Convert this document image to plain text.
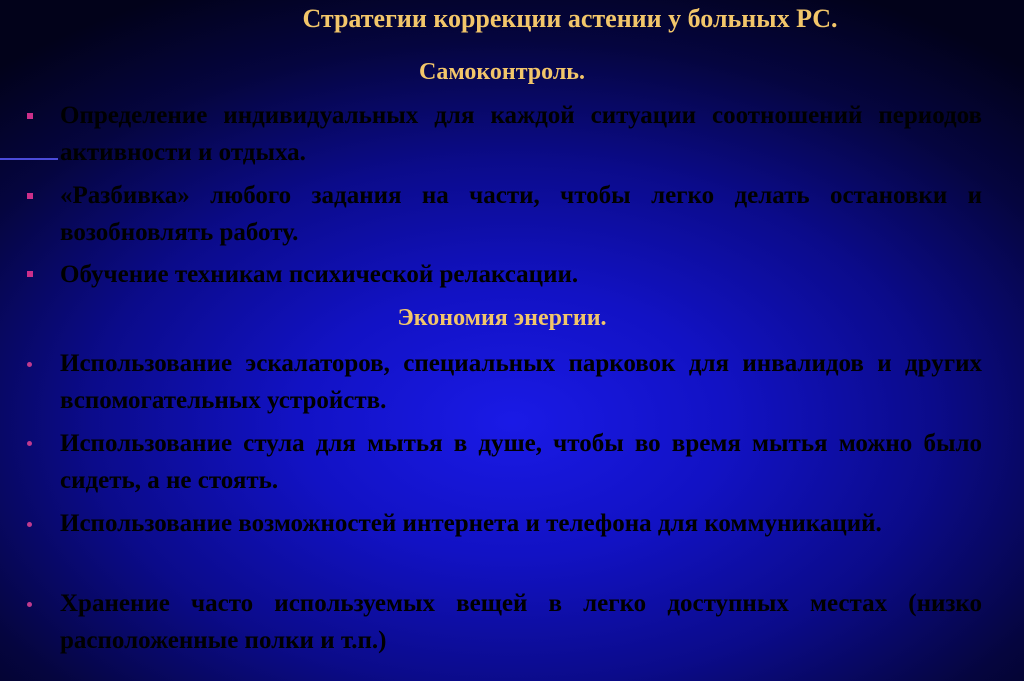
Стратегии коррекции астении у больных РС.
Самоконтроль.
Определение индивидуальных для каждой ситуации соотношений периодов активности и отдыха.
«Разбивка» любого задания на части, чтобы легко делать остановки и возобновлять работу.
Обучение техникам психической релаксации.
Экономия энергии.
Использование эскалаторов, специальных парковок для инвалидов и других вспомогательных устройств.
Использование стула для мытья в душе, чтобы во время мытья можно было сидеть, а не стоять.
Использование возможностей интернета и телефона для коммуникаций.
Хранение часто используемых вещей в легко доступных местах (низко расположенные полки и т.п.)
